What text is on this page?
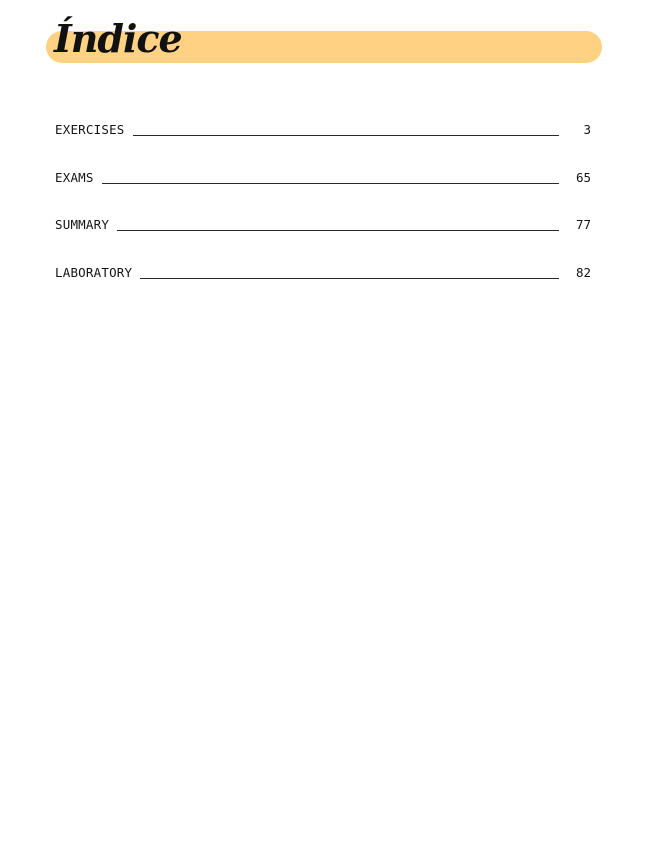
Índice
EXERCISES	3
EXAMS	65
SUMMARY	77
LABORATORY	82
